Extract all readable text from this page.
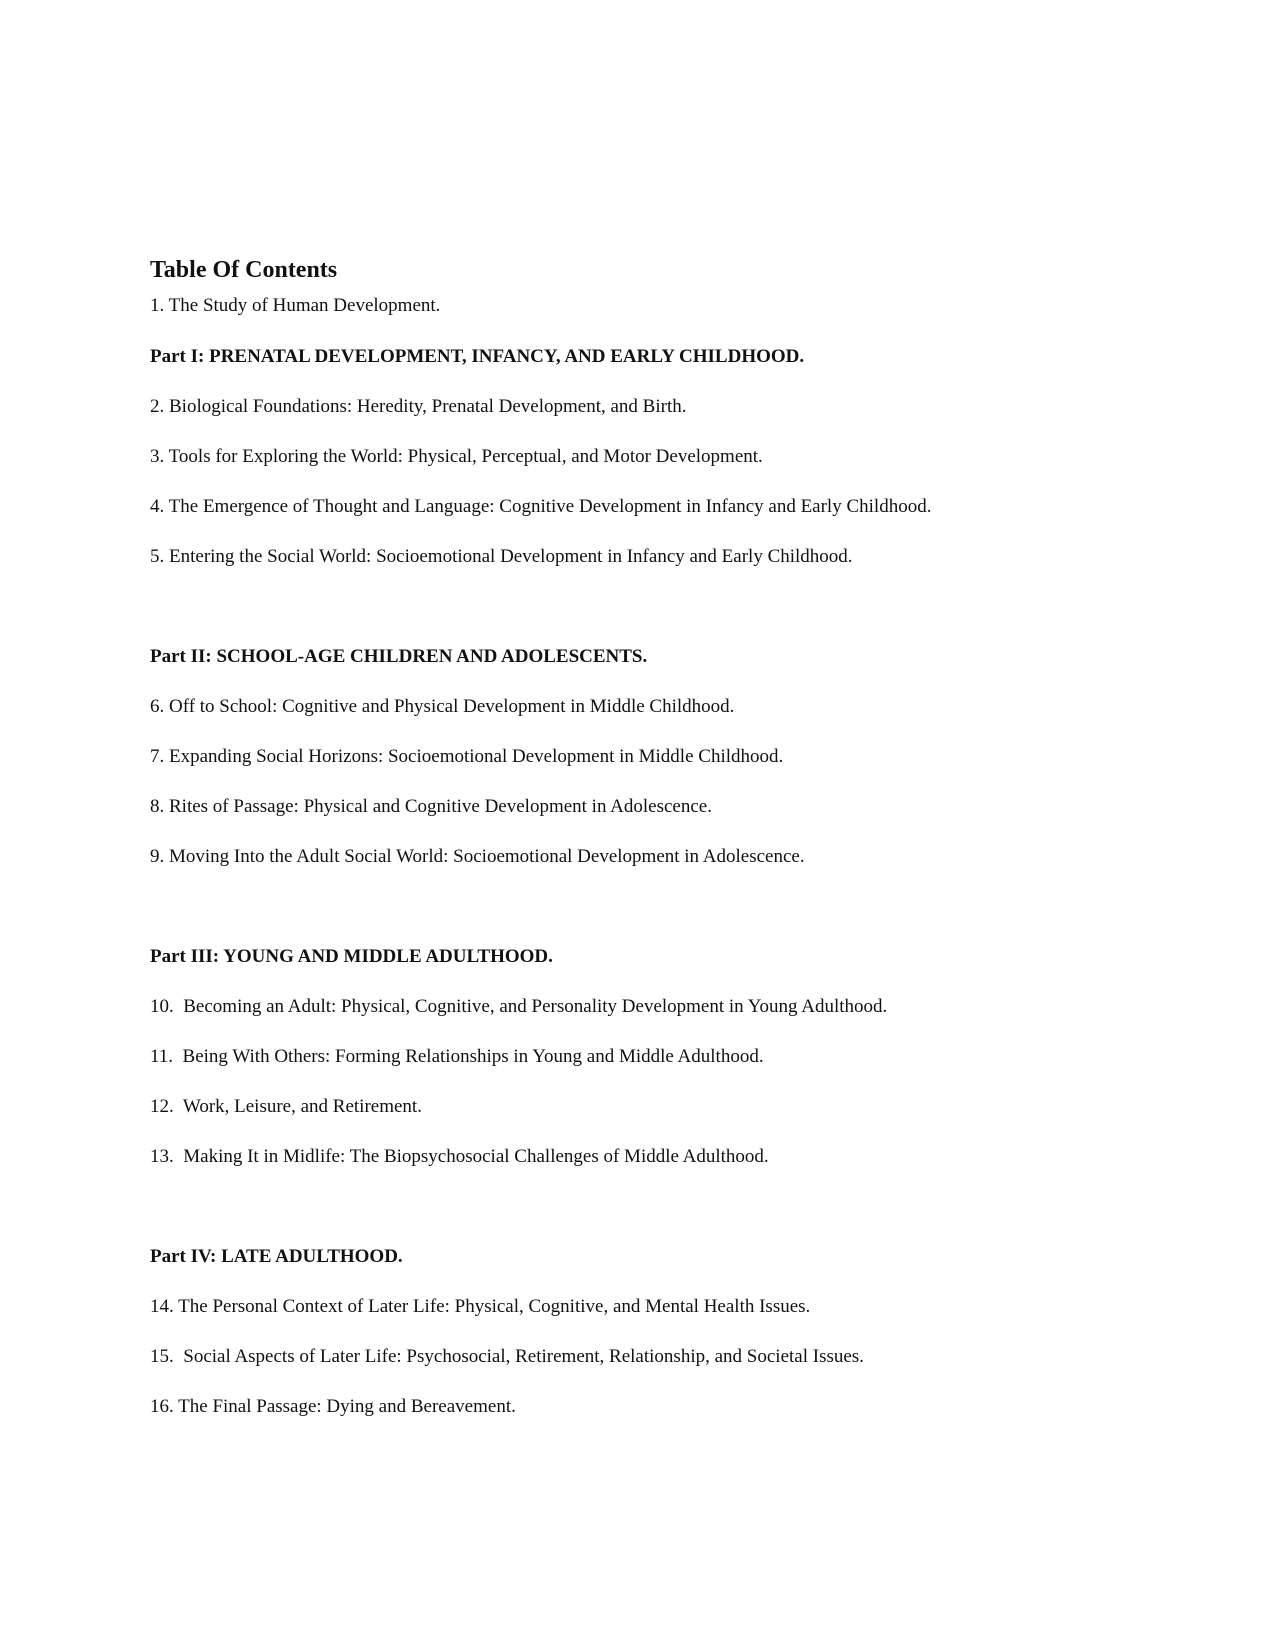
Table Of Contents
1. The Study of Human Development.
Part I: PRENATAL DEVELOPMENT, INFANCY, AND EARLY CHILDHOOD.
2. Biological Foundations: Heredity, Prenatal Development, and Birth.
3. Tools for Exploring the World: Physical, Perceptual, and Motor Development.
4. The Emergence of Thought and Language: Cognitive Development in Infancy and Early Childhood.
5. Entering the Social World: Socioemotional Development in Infancy and Early Childhood.
Part II: SCHOOL-AGE CHILDREN AND ADOLESCENTS.
6. Off to School: Cognitive and Physical Development in Middle Childhood.
7. Expanding Social Horizons: Socioemotional Development in Middle Childhood.
8. Rites of Passage: Physical and Cognitive Development in Adolescence.
9. Moving Into the Adult Social World: Socioemotional Development in Adolescence.
Part III: YOUNG AND MIDDLE ADULTHOOD.
10.  Becoming an Adult: Physical, Cognitive, and Personality Development in Young Adulthood.
11.  Being With Others: Forming Relationships in Young and Middle Adulthood.
12.  Work, Leisure, and Retirement.
13.  Making It in Midlife: The Biopsychosocial Challenges of Middle Adulthood.
Part IV: LATE ADULTHOOD.
14. The Personal Context of Later Life: Physical, Cognitive, and Mental Health Issues.
15.  Social Aspects of Later Life: Psychosocial, Retirement, Relationship, and Societal Issues.
16. The Final Passage: Dying and Bereavement.
